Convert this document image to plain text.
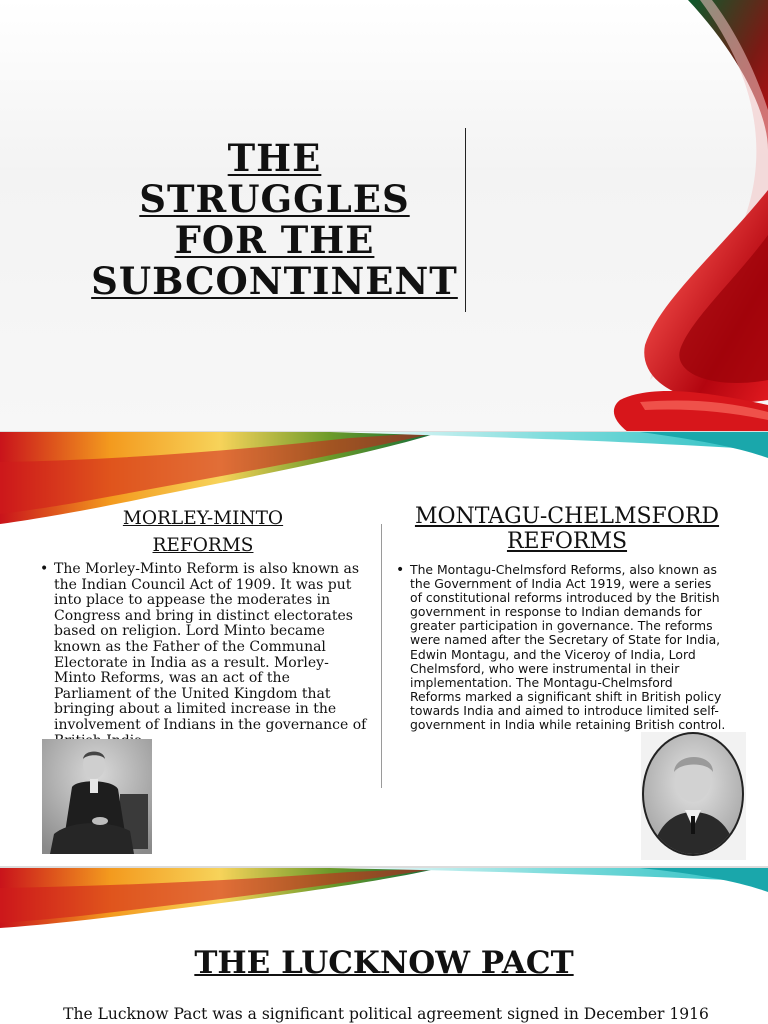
THE
STRUGGLES
FOR THE
SUBCONTINENT
MORLEY-MINTO
REFORMS
MONTAGU-CHELMSFORD REFORMS
• The Morley-Minto Reform is also known as the Indian Council Act of 1909. It was put into place to appease the moderates in Congress and bring in distinct electorates based on religion. Lord Minto became known as the Father of the Communal Electorate in India as a result. Morley-Minto Reforms, was an act of the Parliament of the United Kingdom that bringing about a limited increase in the involvement of Indians in the governance of
• The Montagu-Chelmsford Reforms, also known as the Government of India Act 1919, were a series of constitutional reforms introduced by the British government in response to Indian demands for greater participation in governance. The reforms were named after the Secretary of State for India, Edwin Montagu, and the Viceroy of India, Lord Chelmsford, who were instrumental in their implementation. The Montagu-Chelmsford Reforms marked a significant shift in British policy towards India and aimed to introduce limited self-government in India while retaining British control.
THE LUCKNOW PACT

The Lucknow Pact was a significant political agreement signed in December 1916
